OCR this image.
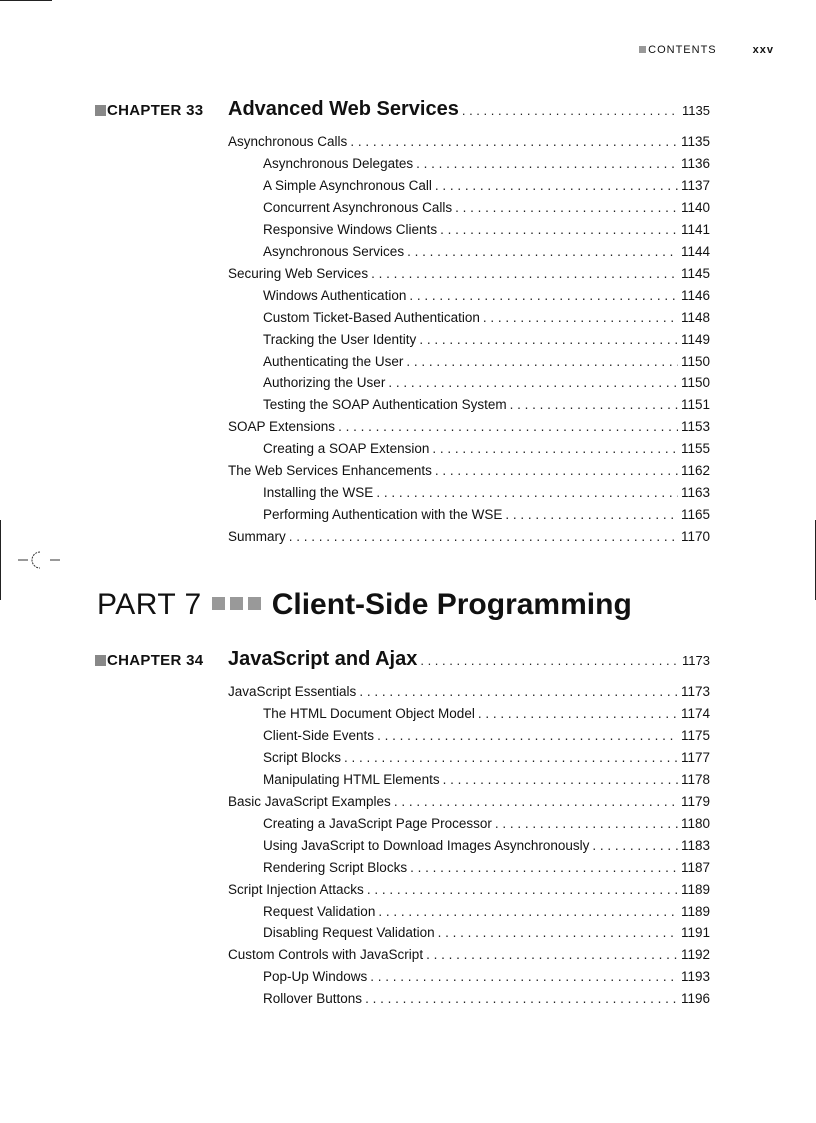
CONTENTS	xxv
CHAPTER 33 Advanced Web Services . . .	1135
Asynchronous Calls . . .	1135
Asynchronous Delegates . . .	1136
A Simple Asynchronous Call . . .	1137
Concurrent Asynchronous Calls . . .	1140
Responsive Windows Clients . . .	1141
Asynchronous Services . . .	1144
Securing Web Services . . .	1145
Windows Authentication . . .	1146
Custom Ticket-Based Authentication . . .	1148
Tracking the User Identity . . .	1149
Authenticating the User . . .	1150
Authorizing the User . . .	1150
Testing the SOAP Authentication System . . .	1151
SOAP Extensions . . .	1153
Creating a SOAP Extension . . .	1155
The Web Services Enhancements . . .	1162
Installing the WSE . . .	1163
Performing Authentication with the WSE . . .	1165
Summary . . .	1170
PART 7 Client-Side Programming
CHAPTER 34 JavaScript and Ajax . . .	1173
JavaScript Essentials . . .	1173
The HTML Document Object Model . . .	1174
Client-Side Events . . .	1175
Script Blocks . . .	1177
Manipulating HTML Elements . . .	1178
Basic JavaScript Examples . . .	1179
Creating a JavaScript Page Processor . . .	1180
Using JavaScript to Download Images Asynchronously . . .	1183
Rendering Script Blocks . . .	1187
Script Injection Attacks . . .	1189
Request Validation . . .	1189
Disabling Request Validation . . .	1191
Custom Controls with JavaScript . . .	1192
Pop-Up Windows . . .	1193
Rollover Buttons . . .	1196
